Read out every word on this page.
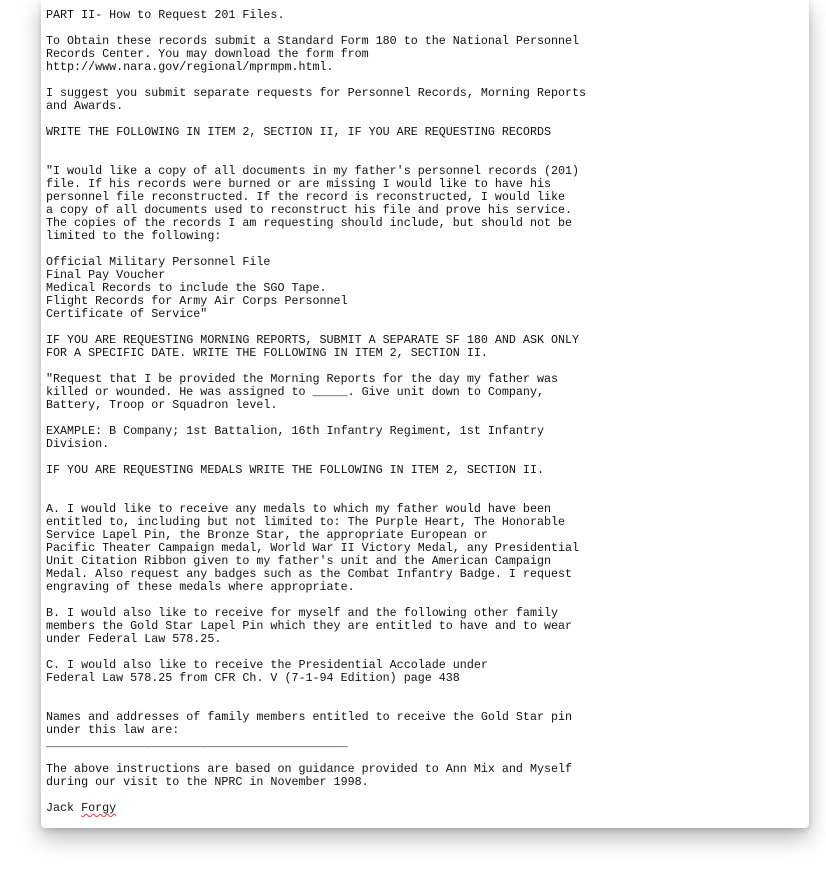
PART II- How to Request 201 Files.
To Obtain these records submit a Standard Form 180 to the National Personnel
Records Center. You may download the form from
http://www.nara.gov/regional/mprmpm.html.
I suggest you submit separate requests for Personnel Records, Morning Reports
and Awards.
WRITE THE FOLLOWING IN ITEM 2, SECTION II, IF YOU ARE REQUESTING RECORDS
"I would like a copy of all documents in my father's personnel records (201)
file. If his records were burned or are missing I would like to have his
personnel file reconstructed. If the record is reconstructed, I would like
a copy of all documents used to reconstruct his file and prove his service.
The copies of the records I am requesting should include, but should not be
limited to the following:
Official Military Personnel File
Final Pay Voucher
Medical Records to include the SGO Tape.
Flight Records for Army Air Corps Personnel
Certificate of Service"
IF YOU ARE REQUESTING MORNING REPORTS, SUBMIT A SEPARATE SF 180 AND ASK ONLY
FOR A SPECIFIC DATE. WRITE THE FOLLOWING IN ITEM 2, SECTION II.
"Request that I be provided the Morning Reports for the day my father was
killed or wounded. He was assigned to _____. Give unit down to Company,
Battery, Troop or Squadron level.
EXAMPLE: B Company; 1st Battalion, 16th Infantry Regiment, 1st Infantry
Division.
IF YOU ARE REQUESTING MEDALS WRITE THE FOLLOWING IN ITEM 2, SECTION II.
A. I would like to receive any medals to which my father would have been
entitled to, including but not limited to: The Purple Heart, The Honorable
Service Lapel Pin, the Bronze Star, the appropriate European or
Pacific Theater Campaign medal, World War II Victory Medal, any Presidential
Unit Citation Ribbon given to my father's unit and the American Campaign
Medal. Also request any badges such as the Combat Infantry Badge. I request
engraving of these medals where appropriate.
B. I would also like to receive for myself and the following other family
members the Gold Star Lapel Pin which they are entitled to have and to wear
under Federal Law 578.25.
C. I would also like to receive the Presidential Accolade under
Federal Law 578.25 from CFR Ch. V (7-1-94 Edition) page 438
Names and addresses of family members entitled to receive the Gold Star pin
under this law are:
___________________________________________
The above instructions are based on guidance provided to Ann Mix and Myself
during our visit to the NPRC in November 1998.
Jack Forgy
